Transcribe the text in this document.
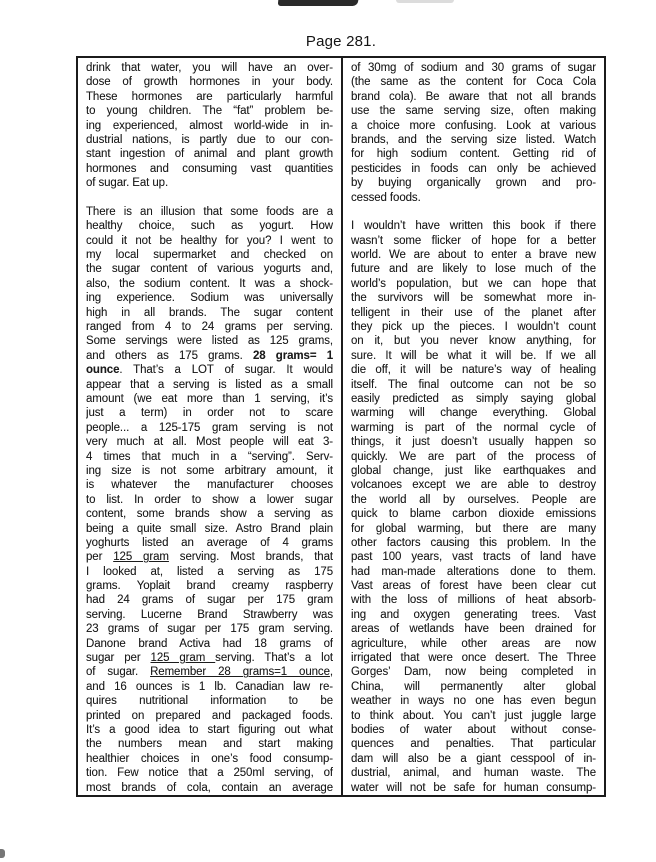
Page 281.
drink that water, you will have an over-
dose of growth hormones in your body.
These hormones are particularly harmful
to young children. The “fat” problem be-
ing experienced, almost world-wide in in-
dustrial nations, is partly due to our con-
stant ingestion of animal and plant growth
hormones and consuming vast quantities
of sugar. Eat up.

There is an illusion that some foods are a
healthy choice, such as yogurt. How
could it not be healthy for you? I went to
my local supermarket and checked on
the sugar content of various yogurts and,
also, the sodium content. It was a shock-
ing experience. Sodium was universally
high in all brands. The sugar content
ranged from 4 to 24 grams per serving.
Some servings were listed as 125 grams,
and others as 175 grams. 28 grams= 1
ounce. That’s a LOT of sugar. It would
appear that a serving is listed as a small
amount (we eat more than 1 serving, it’s
just a term) in order not to scare
people... a 125-175 gram serving is not
very much at all. Most people will eat 3-
4 times that much in a “serving”. Serv-
ing size is not some arbitrary amount, it
is whatever the manufacturer chooses
to list. In order to show a lower sugar
content, some brands show a serving as
being a quite small size. Astro Brand plain
yoghurts listed an average of 4 grams
per 125 gram serving. Most brands, that
I looked at, listed a serving as 175
grams. Yoplait brand creamy raspberry
had 24 grams of sugar per 175 gram
serving. Lucerne Brand Strawberry was
23 grams of sugar per 175 gram serving.
Danone brand Activa had 18 grams of
sugar per 125 gram serving. That’s a lot
of sugar. Remember 28 grams=1 ounce,
and 16 ounces is 1 lb. Canadian law re-
quires nutritional information to be
printed on prepared and packaged foods.
It’s a good idea to start figuring out what
the numbers mean and start making
healthier choices in one’s food consump-
tion. Few notice that a 250ml serving, of
most brands of cola, contain an average
of 30mg of sodium and 30 grams of sugar
(the same as the content for Coca Cola
brand cola). Be aware that not all brands
use the same serving size, often making
a choice more confusing. Look at various
brands, and the serving size listed. Watch
for high sodium content. Getting rid of
pesticides in foods can only be achieved
by buying organically grown and pro-
cessed foods.

I wouldn’t have written this book if there
wasn’t some flicker of hope for a better
world. We are about to enter a brave new
future and are likely to lose much of the
world’s population, but we can hope that
the survivors will be somewhat more in-
telligent in their use of the planet after
they pick up the pieces. I wouldn’t count
on it, but you never know anything, for
sure. It will be what it will be. If we all
die off, it will be nature’s way of healing
itself. The final outcome can not be so
easily predicted as simply saying global
warming will change everything. Global
warming is part of the normal cycle of
things, it just doesn’t usually happen so
quickly. We are part of the process of
global change, just like earthquakes and
volcanoes except we are able to destroy
the world all by ourselves. People are
quick to blame carbon dioxide emissions
for global warming, but there are many
other factors causing this problem. In the
past 100 years, vast tracts of land have
had man-made alterations done to them.
Vast areas of forest have been clear cut
with the loss of millions of heat absorb-
ing and oxygen generating trees. Vast
areas of wetlands have been drained for
agriculture, while other areas are now
irrigated that were once desert. The Three
Gorges’ Dam, now being completed in
China, will permanently alter global
weather in ways no one has even begun
to think about. You can’t just juggle large
bodies of water about without conse-
quences and penalties. That particular
dam will also be a giant cesspool of in-
dustrial, animal, and human waste. The
water will not be safe for human consump-
